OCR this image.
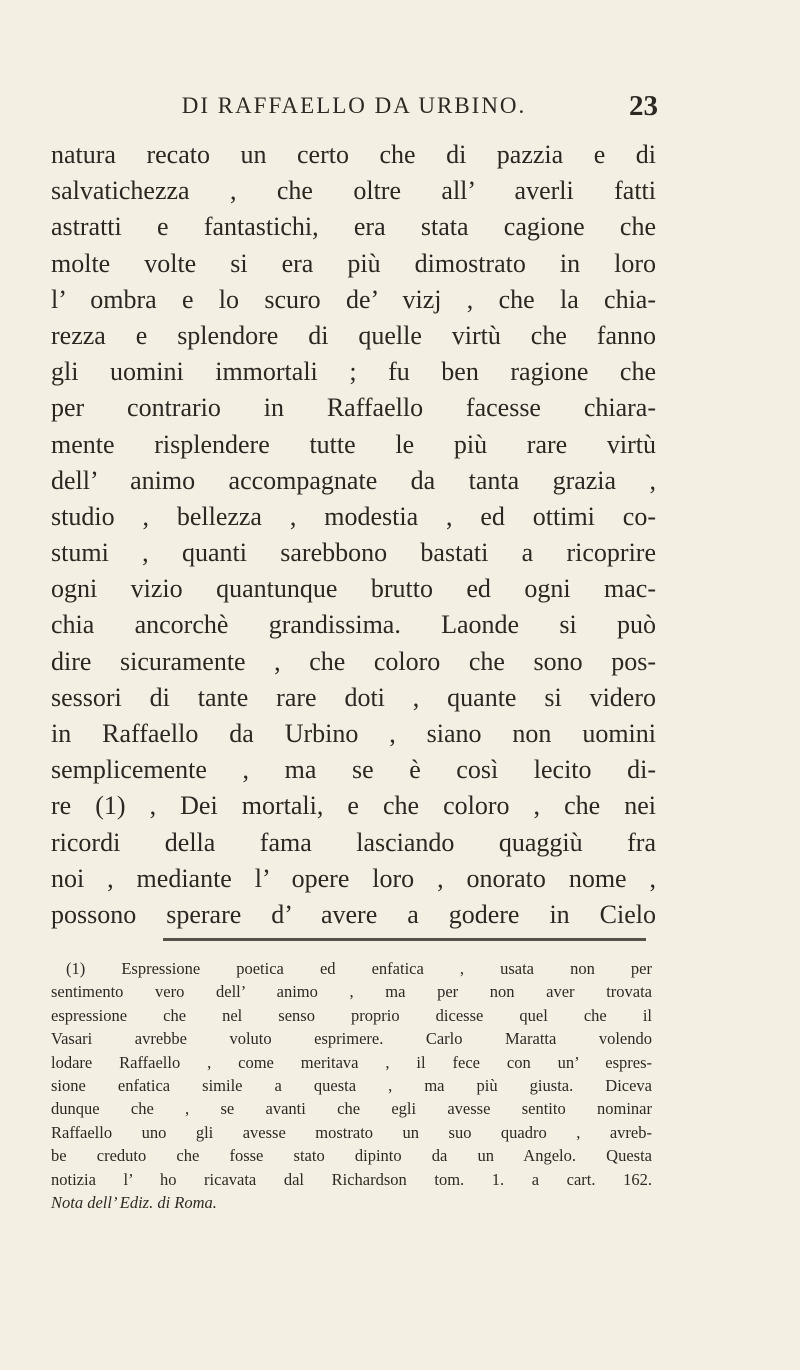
DI RAFFAELLO DA URBINO.	23
natura recato un certo che di pazzia e di
salvatichezza , che oltre all’ averli fatti
astratti e fantastichi, era stata cagione che
molte volte si era più dimostrato in loro
l’ ombra e lo scuro de’ vizj , che la chia-
rezza e splendore di quelle virtù che fanno
gli uomini immortali ; fu ben ragione che
per contrario in Raffaello facesse chiara-
mente risplendere tutte le più rare virtù
dell’ animo accompagnate da tanta grazia ,
studio , bellezza , modestia , ed ottimi co-
stumi , quanti sarebbono bastati a ricoprire
ogni vizio quantunque brutto ed ogni mac-
chia ancorchè grandissima. Laonde si può
dire sicuramente , che coloro che sono pos-
sessori di tante rare doti , quante si videro
in Raffaello da Urbino , siano non uomini
semplicemente , ma se è così lecito di-
re (1) , Dei mortali, e che coloro , che nei
ricordi della fama lasciando quaggiù fra
noi , mediante l’ opere loro , onorato nome ,
possono sperare d’ avere a godere in Cielo
(1) Espressione poetica ed enfatica , usata non per
sentimento vero dell’ animo , ma per non aver trovata
espressione che nel senso proprio dicesse quel che il
Vasari avrebbe voluto esprimere. Carlo Maratta volendo
lodare Raffaello , come meritava , il fece con un’ espres-
sione enfatica simile a questa , ma più giusta. Diceva
dunque che , se avanti che egli avesse sentito nominar
Raffaello uno gli avesse mostrato un suo quadro , avreb-
be creduto che fosse stato dipinto da un Angelo. Questa
notizia l’ ho ricavata dal Richardson tom. 1. a cart. 162.
Nota dell’ Ediz. di Roma.
